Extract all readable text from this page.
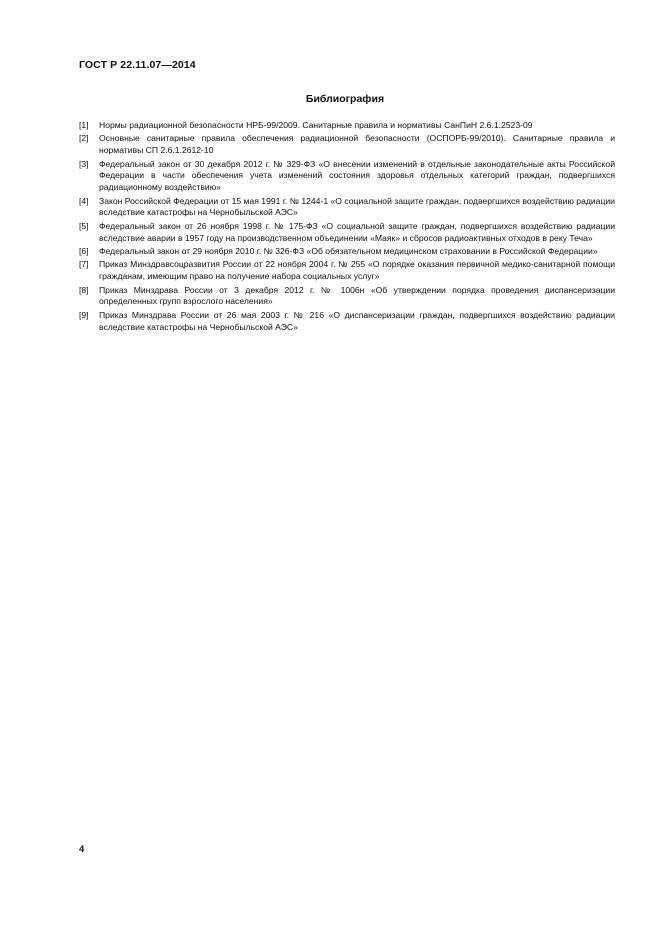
ГОСТ Р 22.11.07—2014
Библиография
[1]	Нормы радиационной безопасности НРБ-99/2009. Санитарные правила и нормативы СанПиН 2.6.1.2523-09
[2]	Основные санитарные правила обеспечения радиационной безопасности (ОСПОРБ-99/2010). Санитарные правила и нормативы СП 2.6.1.2612-10
[3]	Федеральный закон от 30 декабря 2012 г. № 329-ФЗ «О внесении изменений в отдельные законодательные акты Российской Федерации в части обеспечения учета изменений состояния здоровья отдельных категорий граждан, подвергшихся радиационному воздействию»
[4]	Закон Российской Федерации от 15 мая 1991 г. № 1244-1 «О социальной защите граждан, подвергшихся воздействию радиации вследствие катастрофы на Чернобыльской АЭС»
[5]	Федеральный закон от 26 ноября 1998 г. № 175-ФЗ «О социальной защите граждан, подвергшихся воздействию радиации вследствие аварии в 1957 году на производственном объединении «Маяк» и сбросов радиоактивных отходов в реку Теча»
[6]	Федеральный закон от 29 ноября 2010 г. № 326-ФЗ «Об обязательном медицинском страховании в Российской Федерации»
[7]	Приказ Минздравсоцразвития России от 22 ноября 2004 г. № 255 «О порядке оказания первичной медико-санитарной помощи гражданам, имеющим право на получение набора социальных услуг»
[8]	Приказ Минздрава России от 3 декабря 2012 г. № 1006н «Об утверждении порядка проведения диспансеризации определенных групп взрослого населения»
[9]	Приказ Минздрава России от 26 мая 2003 г. № 216 «О диспансеризации граждан, подвергшихся воздействию радиации вследствие катастрофы на Чернобыльской АЭС»
4
